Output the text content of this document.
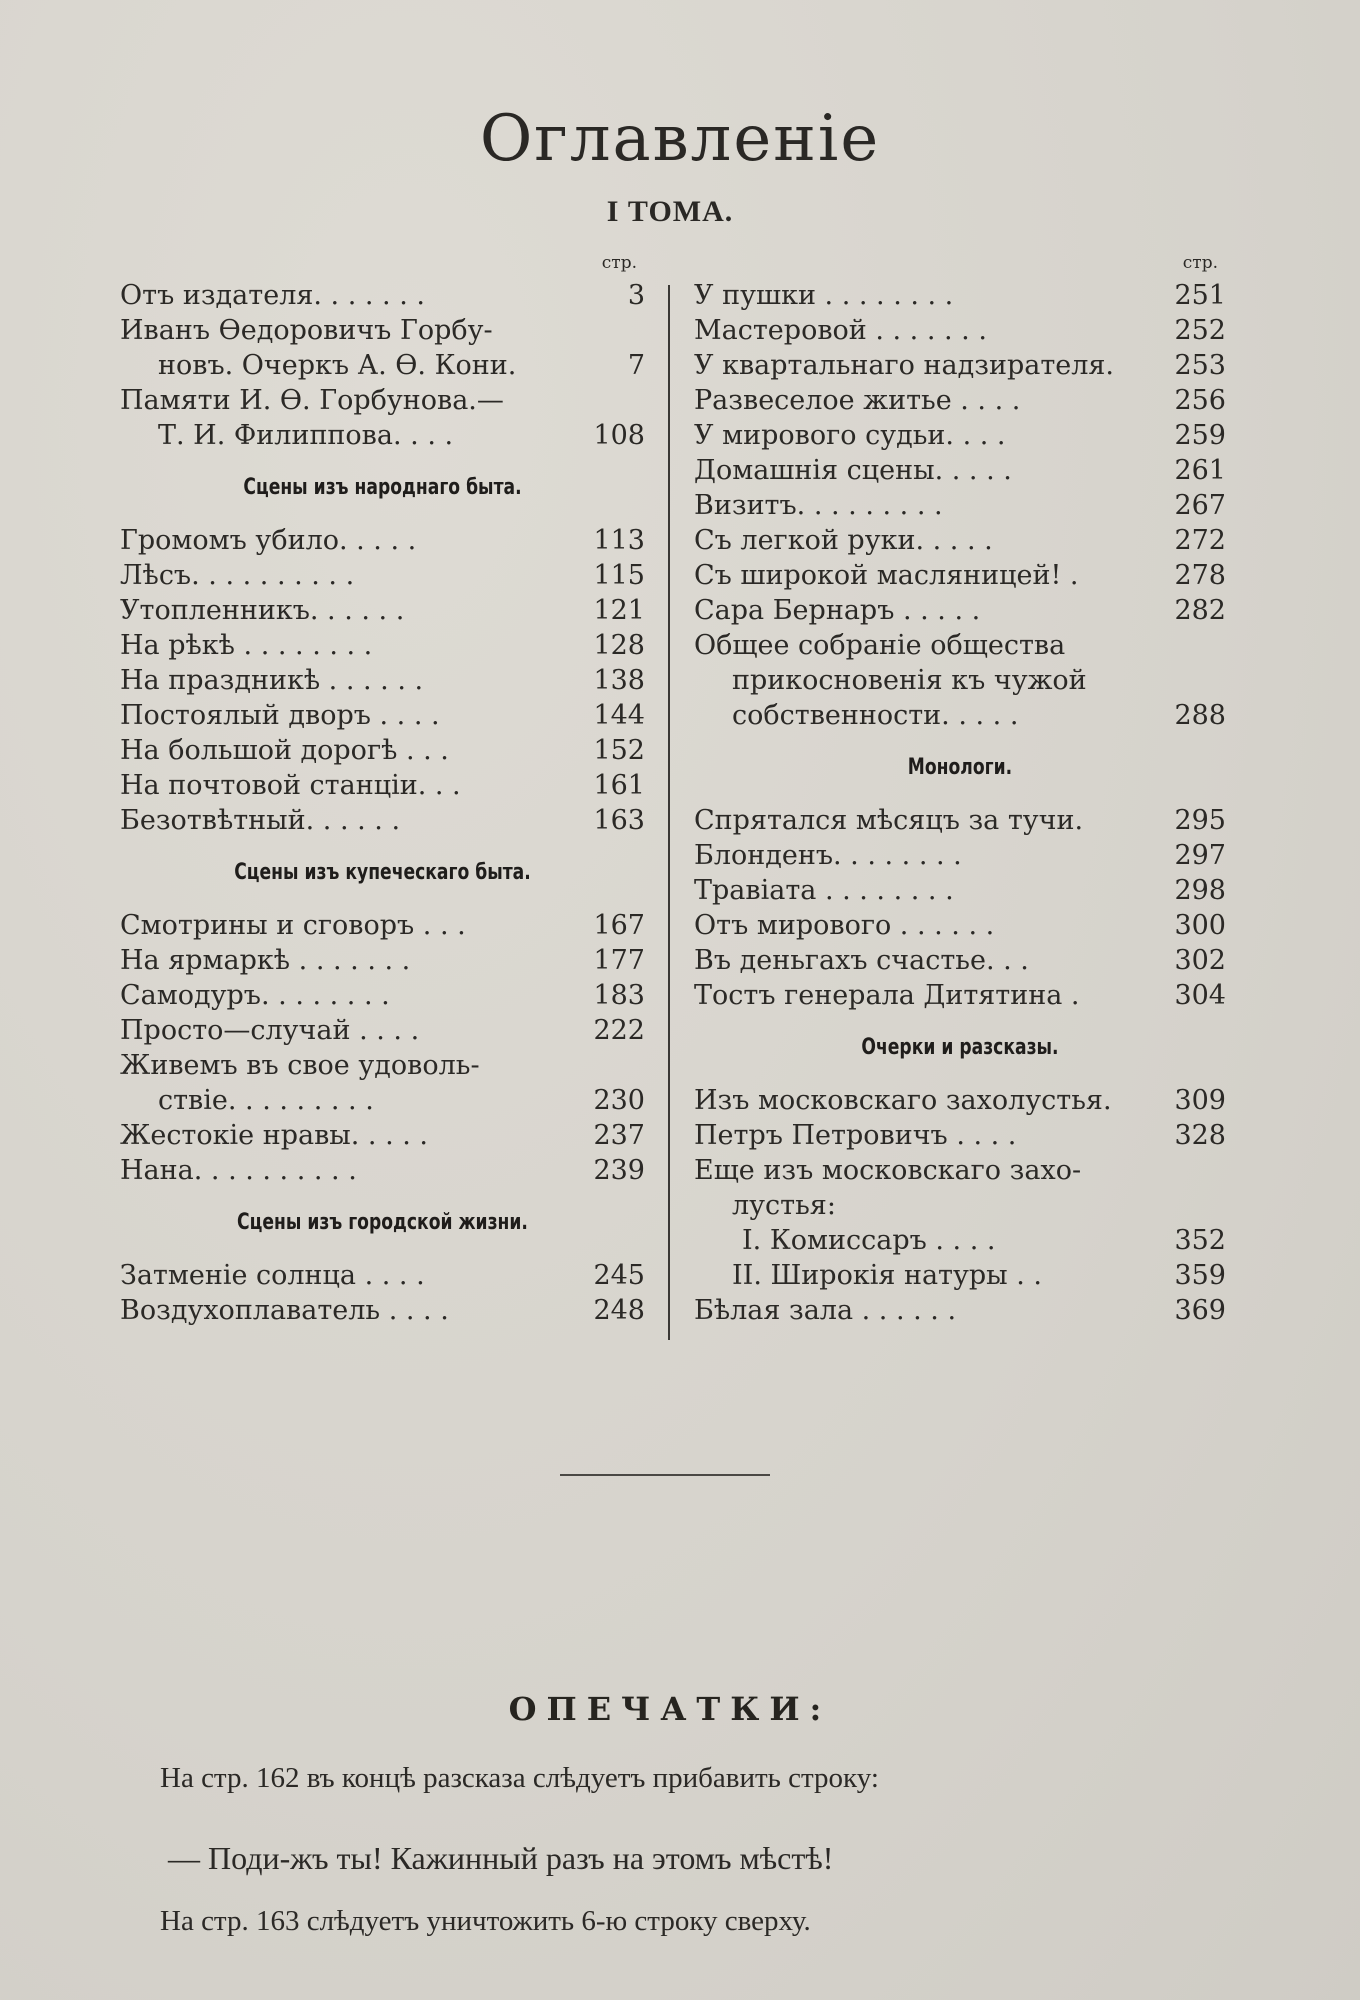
Оглавленіе
I ТОМА.
стр.
Отъ издателя. . . . . . .	3
Иванъ Ѳедоровичъ Горбу-
новъ. Очеркъ А. Ѳ. Кони.	7
Памяти И. Ѳ. Горбунова.—
Т. И. Филиппова. . . .	108
Сцены изъ народнаго быта.
Громомъ убило. . . . .	113
Лѣсъ. . . . . . . . . .	115
Утопленникъ. . . . . .	121
На рѣкѣ . . . . . . . .	128
На праздникѣ . . . . . .	138
Постоялый дворъ . . . .	144
На большой дорогѣ . . .	152
На почтовой станціи. . .	161
Безотвѣтный. . . . . .	163
Сцены изъ купеческаго быта.
Смотрины и сговоръ . . .	167
На ярмаркѣ . . . . . . .	177
Самодуръ. . . . . . . .	183
Просто—случай . . . .	222
Живемъ въ свое удоволь-
ствіе. . . . . . . . .	230
Жестокіе нравы. . . . .	237
Нана. . . . . . . . . .	239
Сцены изъ городской жизни.
Затменіе солнца . . . .	245
Воздухоплаватель . . . .	248
стр.
У пушки . . . . . . . .	251
Мастеровой . . . . . . .	252
У квартальнаго надзирателя.	253
Развеселое житье . . . .	256
У мирового судьи. . . .	259
Домашнія сцены. . . . .	261
Визитъ. . . . . . . . .	267
Съ легкой руки. . . . .	272
Съ широкой масляницей! .	278
Сара Бернаръ . . . . .	282
Общее собраніе общества
прикосновенія къ чужой
собственности. . . . .	288
Монологи.
Спрятался мѣсяцъ за тучи.	295
Блонденъ. . . . . . . .	297
Травіата . . . . . . . .	298
Отъ мирового . . . . . .	300
Въ деньгахъ счастье. . .	302
Тостъ генерала Дитятина .	304
Очерки и разсказы.
Изъ московскаго захолустья.	309
Петръ Петровичъ . . . .	328
Еще изъ московскаго захо-
лустья:
I. Комиссаръ . . . .	352
II. Широкія натуры . .	359
Бѣлая зала . . . . . .	369
ОПЕЧАТКИ:
На стр. 162 въ концѣ разсказа слѣдуетъ прибавить строку:
— Поди-жъ ты! Кажинный разъ на этомъ мѣстѣ!
На стр. 163 слѣдуетъ уничтожить 6-ю строку сверху.
